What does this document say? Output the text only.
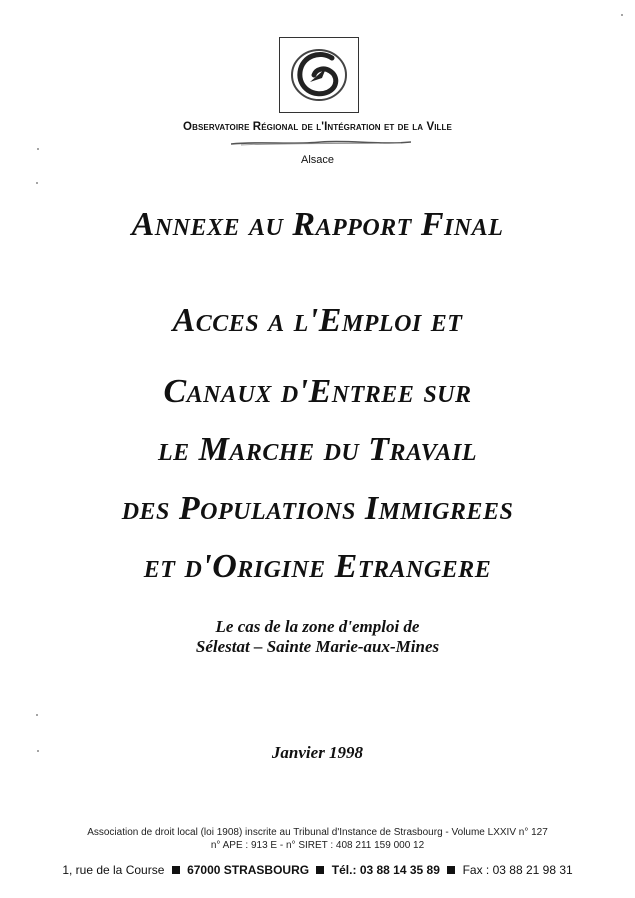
Observatoire Régional de l'Intégration et de la Ville
Alsace
Annexe au Rapport Final
Acces a l'Emploi et
Canaux d'Entree sur
le Marche du Travail
des Populations Immigrees
et d'Origine Etrangere
Le cas de la zone d'emploi de
Sélestat – Sainte Marie-aux-Mines
Janvier 1998
Association de droit local (loi 1908) inscrite au Tribunal d'Instance de Strasbourg - Volume LXXIV n° 127
n° APE : 913 E - n° SIRET : 408 211 159 000 12
1, rue de la Course 67000 STRASBOURG Tél.: 03 88 14 35 89 Fax : 03 88 21 98 31
